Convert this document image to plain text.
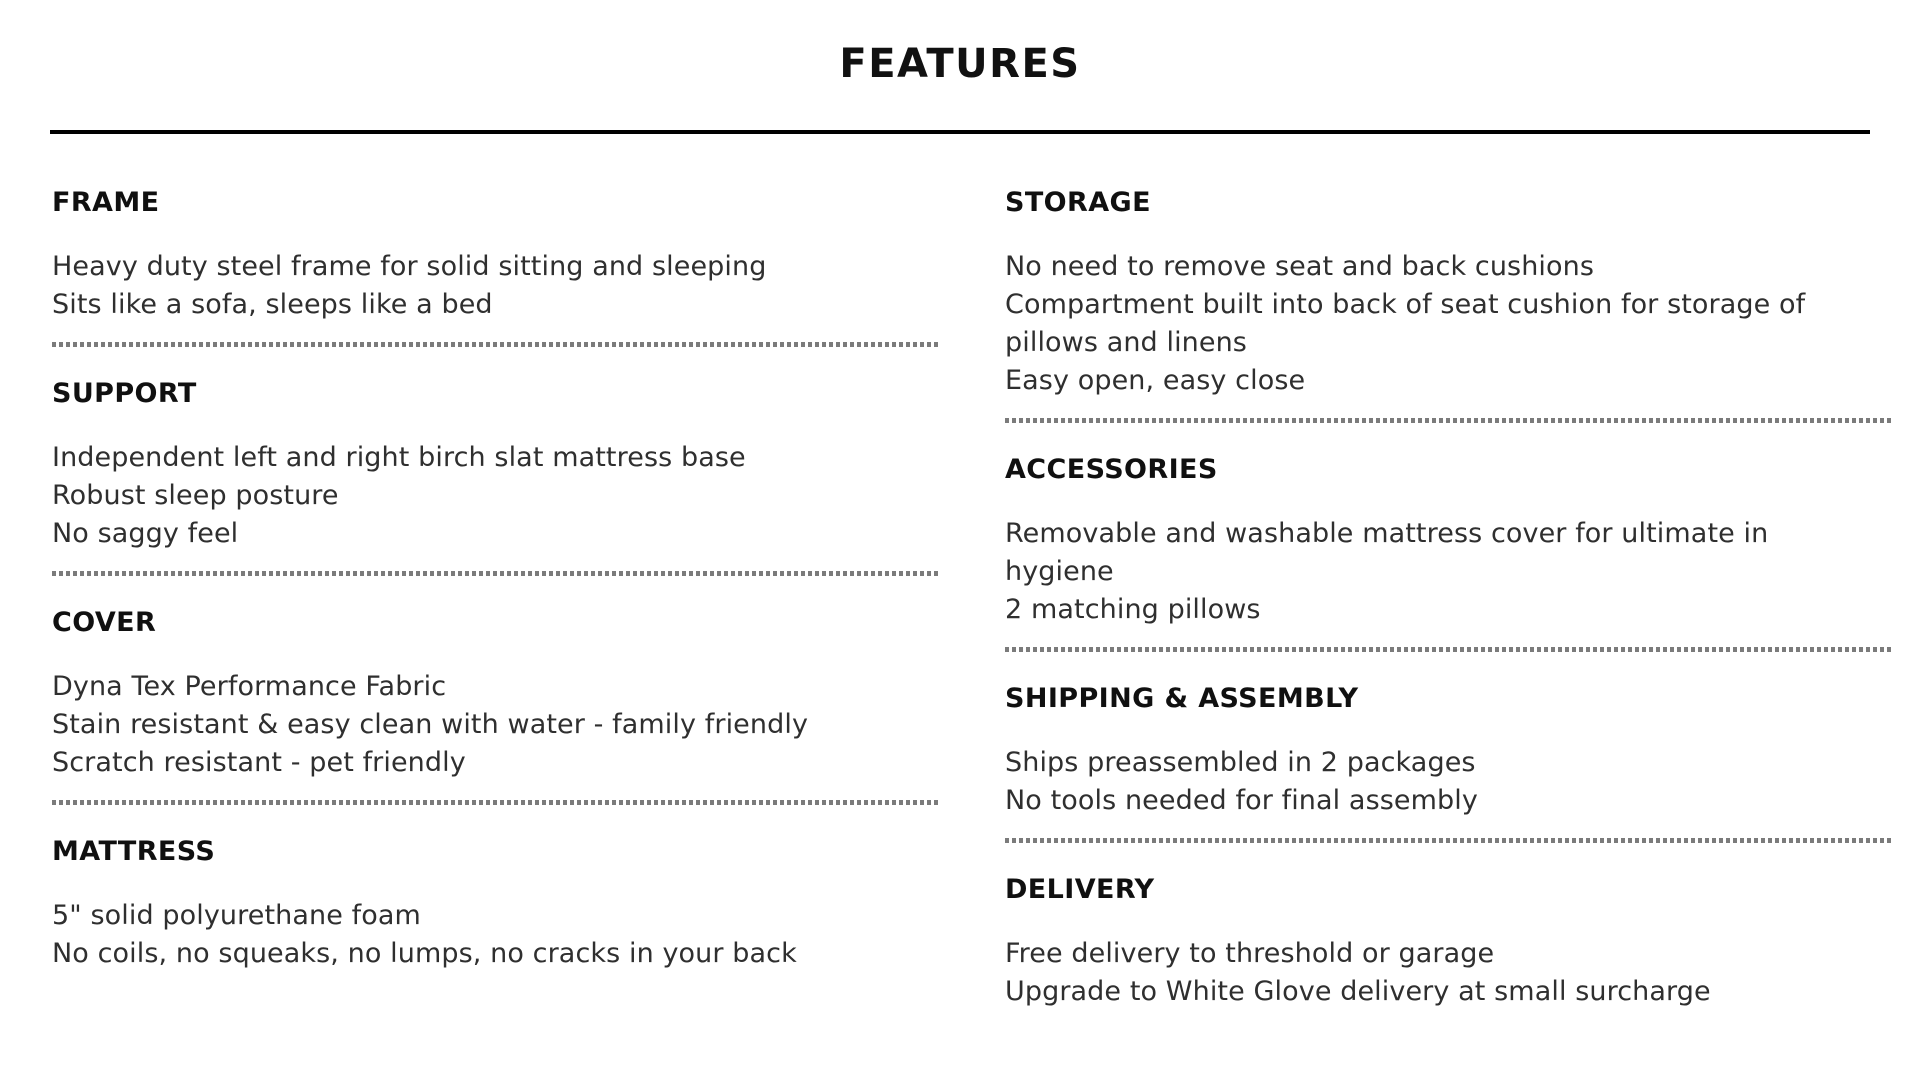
FEATURES
FRAME

Heavy duty steel frame for solid sitting and sleeping

Sits like a sofa, sleeps like a bed

SUPPORT

Independent left and right birch slat mattress base

Robust sleep posture

No saggy feel

COVER

Dyna Tex Performance Fabric

Stain resistant & easy clean with water - family friendly

Scratch resistant - pet friendly

MATTRESS

5" solid polyurethane foam

No coils, no squeaks, no lumps, no cracks in your back

STORAGE

No need to remove seat and back cushions

Compartment built into back of seat cushion for storage of

pillows and linens

Easy open, easy close

ACCESSORIES

Removable and washable mattress cover for ultimate in

hygiene

2 matching pillows

SHIPPING & ASSEMBLY

Ships preassembled in 2 packages

No tools needed for final assembly

DELIVERY

Free delivery to threshold or garage

Upgrade to White Glove delivery at small surcharge
